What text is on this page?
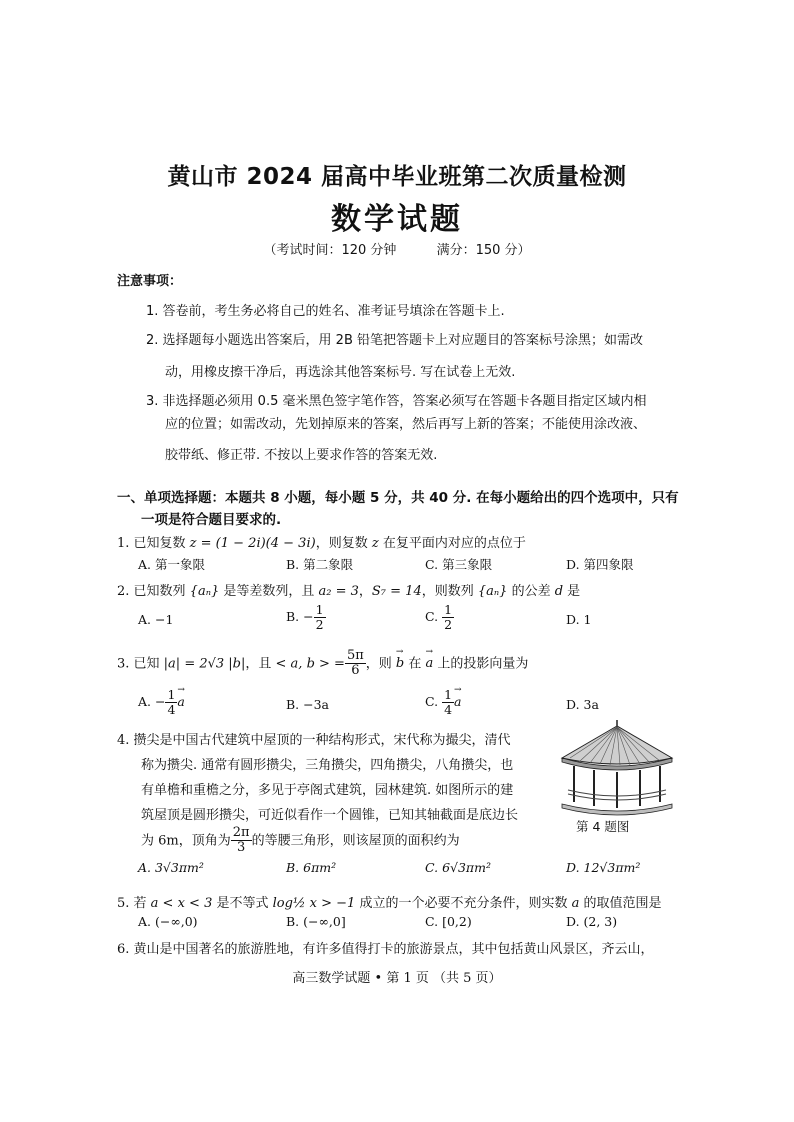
黄山市 2024 届高中毕业班第二次质量检测
数学试题
（考试时间：120 分钟	满分：150 分）
注意事项：
1. 答卷前，考生务必将自己的姓名、准考证号填涂在答题卡上.
2. 选择题每小题选出答案后，用 2B 铅笔把答题卡上对应题目的答案标号涂黑；如需改
动，用橡皮擦干净后，再选涂其他答案标号. 写在试卷上无效.
3. 非选择题必须用 0.5 毫米黑色签字笔作答，答案必须写在答题卡各题目指定区域内相
应的位置；如需改动，先划掉原来的答案，然后再写上新的答案；不能使用涂改液、
胶带纸、修正带. 不按以上要求作答的答案无效.
一、单项选择题：本题共 8 小题，每小题 5 分，共 40 分. 在每小题给出的四个选项中，只有
一项是符合题目要求的.
1. 已知复数 z = (1 − 2i)(4 − 3i)，则复数 z 在复平面内对应的点位于
A. 第一象限	B. 第二象限	C. 第三象限	D. 第四象限
2. 已知数列 {aₙ} 是等差数列，且 a₂ = 3，S₇ = 14，则数列 {aₙ} 的公差 d 是
A. −1	B. − $\frac{1}{2}$	C. $\frac{1}{2}$	D. 1
3. 已知 |a| = 2√3 |b|，且 < a, b > = $\frac{5\pi}{6}$ ，则 → b 在 → a 上的投影向量为
A. − $\frac{1}{4}$
→ a	B. −3a	C. $\frac{1}{4}$
→ a	D. 3a
4. 攒尖是中国古代建筑中屋顶的一种结构形式，宋代称为撮尖，清代
称为攒尖. 通常有圆形攒尖，三角攒尖，四角攒尖，八角攒尖，也
有单檐和重檐之分，多见于亭阁式建筑，园林建筑. 如图所示的建
筑屋顶是圆形攒尖，可近似看作一个圆锥，已知其轴截面是底边长
为 6m，顶角为 $\frac{2\pi}{3}$ 的等腰三角形，则该屋顶的面积约为
第 4 题图
A. 3√3πm²	B. 6πm²	C. 6√3πm²	D. 12√3πm²
5. 若 a < x < 3 是不等式 log½ x > −1 成立的一个必要不充分条件，则实数 a 的取值范围是
A. (−∞,0)	B. (−∞,0]	C. [0,2)	D. (2, 3)
6. 黄山是中国著名的旅游胜地，有许多值得打卡的旅游景点，其中包括黄山风景区，齐云山，
高三数学试题 • 第 1 页 （共 5 页）
